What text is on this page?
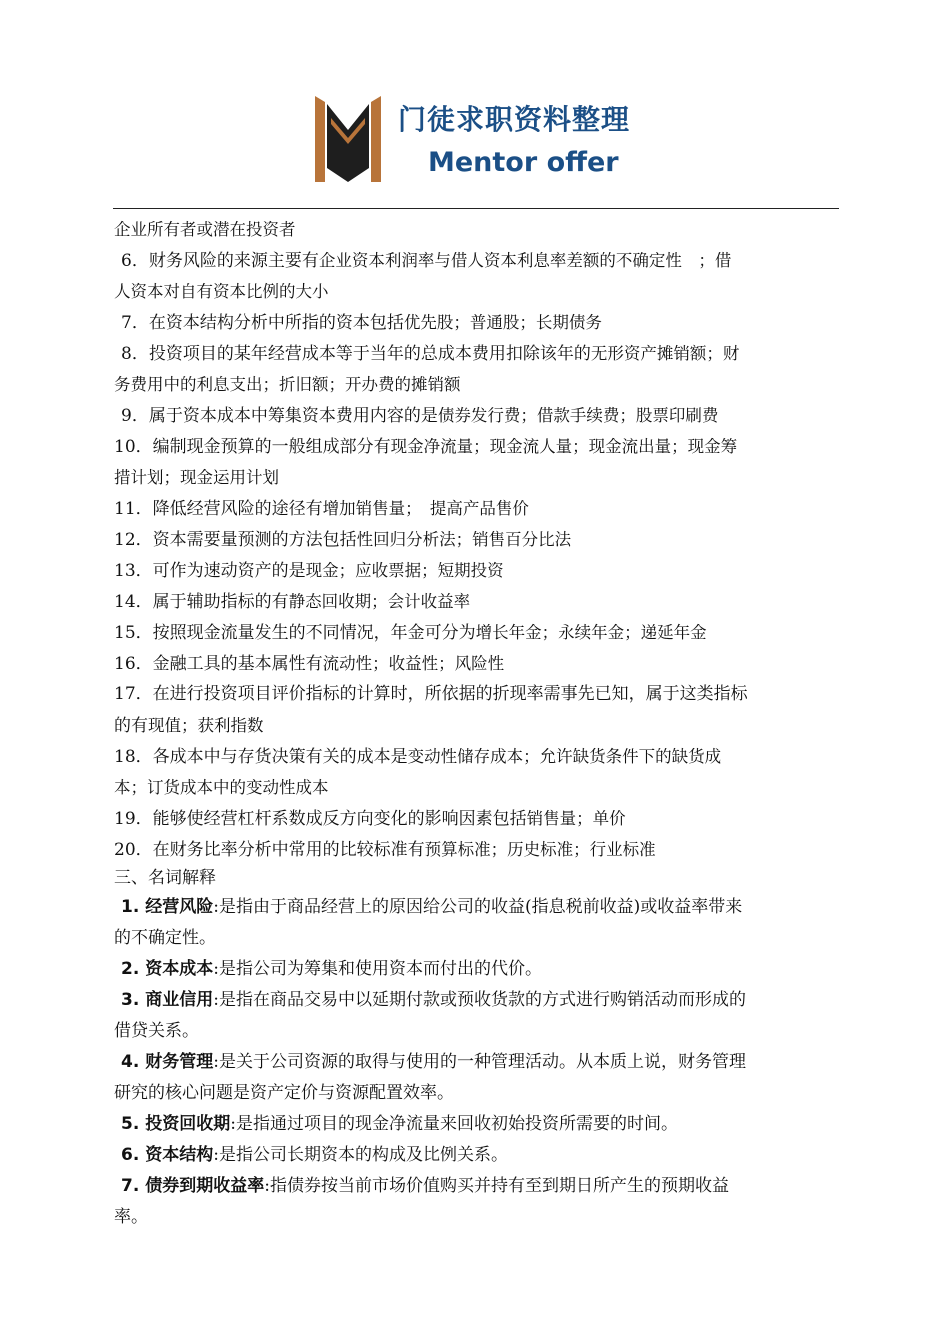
门徒求职资料整理
Mentor offer
企业所有者或潜在投资者
6．财务风险的来源主要有企业资本利润率与借人资本利息率差额的不确定性　；借
人资本对自有资本比例的大小
7．在资本结构分析中所指的资本包括优先股；普通股；长期债务
8．投资项目的某年经营成本等于当年的总成本费用扣除该年的无形资产摊销额；财
务费用中的利息支出；折旧额；开办费的摊销额
9．属于资本成本中筹集资本费用内容的是债券发行费；借款手续费；股票印刷费
10．编制现金预算的一般组成部分有现金净流量；现金流人量；现金流出量；现金筹
措计划；现金运用计划
11．降低经营风险的途径有增加销售量；　提高产品售价
12．资本需要量预测的方法包括性回归分析法；销售百分比法
13．可作为速动资产的是现金；应收票据；短期投资
14．属于辅助指标的有静态回收期；会计收益率
15．按照现金流量发生的不同情况，年金可分为增长年金；永续年金；递延年金
16．金融工具的基本属性有流动性；收益性；风险性
17．在进行投资项目评价指标的计算时，所依据的折现率需事先已知，属于这类指标
的有现值；获利指数
18．各成本中与存货决策有关的成本是变动性储存成本；允许缺货条件下的缺货成
本；订货成本中的变动性成本
19．能够使经营杠杆系数成反方向变化的影响因素包括销售量；单价
20．在财务比率分析中常用的比较标准有预算标准；历史标准；行业标准
三、名词解释
1. 经营风险:是指由于商品经营上的原因给公司的收益(指息税前收益)或收益率带来
的不确定性。
2. 资本成本:是指公司为筹集和使用资本而付出的代价。
3. 商业信用:是指在商品交易中以延期付款或预收货款的方式进行购销活动而形成的
借贷关系。
4. 财务管理:是关于公司资源的取得与使用的一种管理活动。从本质上说，财务管理
研究的核心问题是资产定价与资源配置效率。
5. 投资回收期:是指通过项目的现金净流量来回收初始投资所需要的时间。
6. 资本结构:是指公司长期资本的构成及比例关系。
7. 债券到期收益率:指债券按当前市场价值购买并持有至到期日所产生的预期收益
率。
